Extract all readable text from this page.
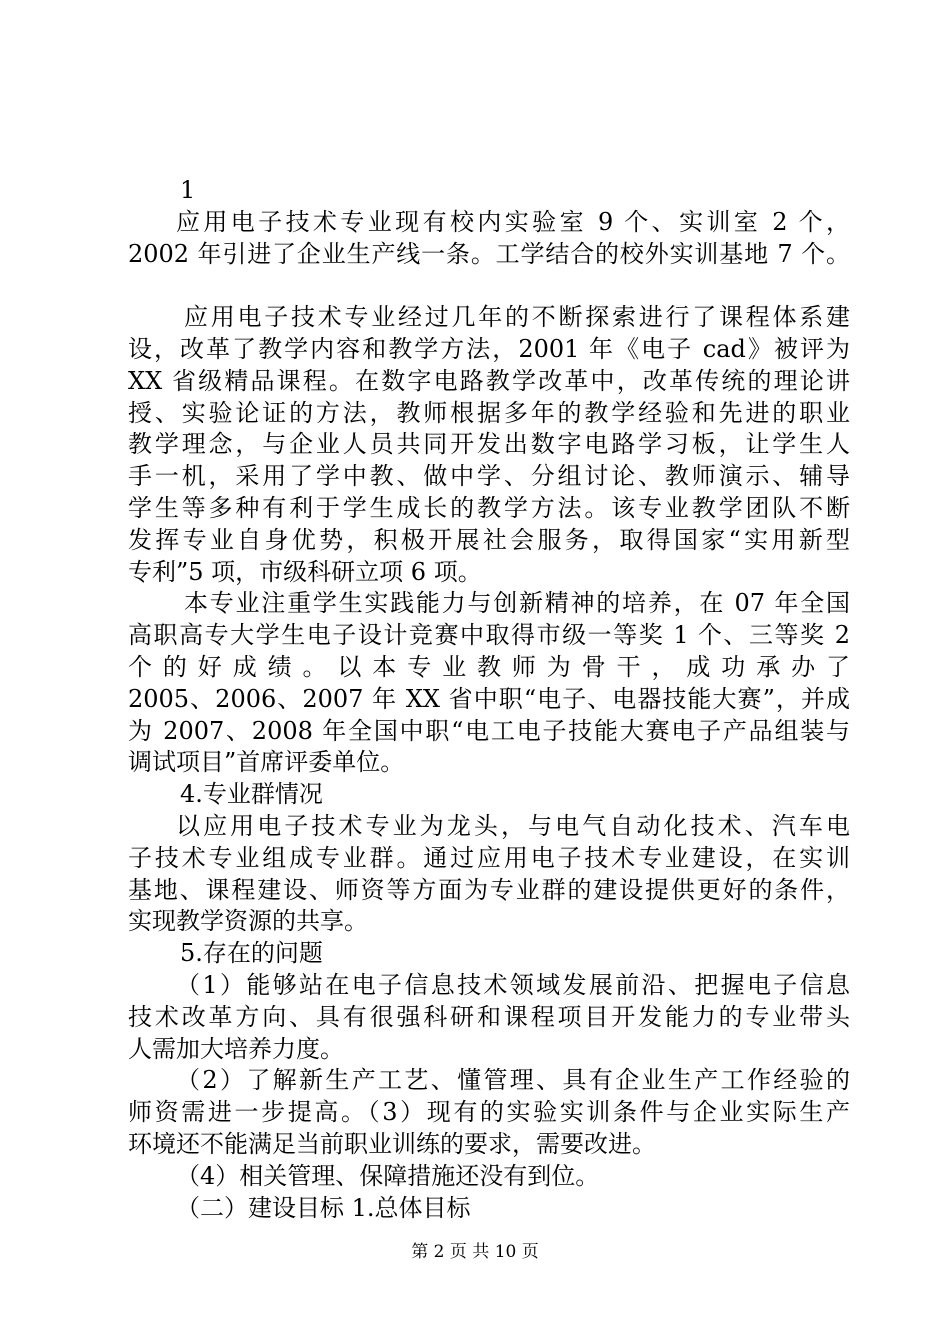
1
应用电子技术专业现有校内实验室 9 个、实训室 2 个，
2002 年引进了企业生产线一条。工学结合的校外实训基地 7 个。
应用电子技术专业经过几年的不断探索进行了课程体系建
设，改革了教学内容和教学方法，2001 年《电子 cad》被评为
XX 省级精品课程。在数字电路教学改革中，改革传统的理论讲
授、实验论证的方法，教师根据多年的教学经验和先进的职业
教学理念，与企业人员共同开发出数字电路学习板，让学生人
手一机，采用了学中教、做中学、分组讨论、教师演示、辅导
学生等多种有利于学生成长的教学方法。该专业教学团队不断
发挥专业自身优势，积极开展社会服务，取得国家“实用新型
专利”5 项，市级科研立项 6 项。
本专业注重学生实践能力与创新精神的培养，在 07 年全国
高职高专大学生电子设计竞赛中取得市级一等奖 1 个、三等奖 2
个的好成绩。以本专业教师为骨干，成功承办了
2005、2006、2007 年 XX 省中职“电子、电器技能大赛”，并成
为 2007、2008 年全国中职“电工电子技能大赛电子产品组装与
调试项目”首席评委单位。
4.专业群情况
以应用电子技术专业为龙头，与电气自动化技术、汽车电
子技术专业组成专业群。通过应用电子技术专业建设，在实训
基地、课程建设、师资等方面为专业群的建设提供更好的条件，
实现教学资源的共享。
5.存在的问题
（1）能够站在电子信息技术领域发展前沿、把握电子信息
技术改革方向、具有很强科研和课程项目开发能力的专业带头
人需加大培养力度。
（2）了解新生产工艺、懂管理、具有企业生产工作经验的
师资需进一步提高。（3）现有的实验实训条件与企业实际生产
环境还不能满足当前职业训练的要求，需要改进。
（4）相关管理、保障措施还没有到位。
（二）建设目标 1.总体目标
第 2 页 共 10 页
